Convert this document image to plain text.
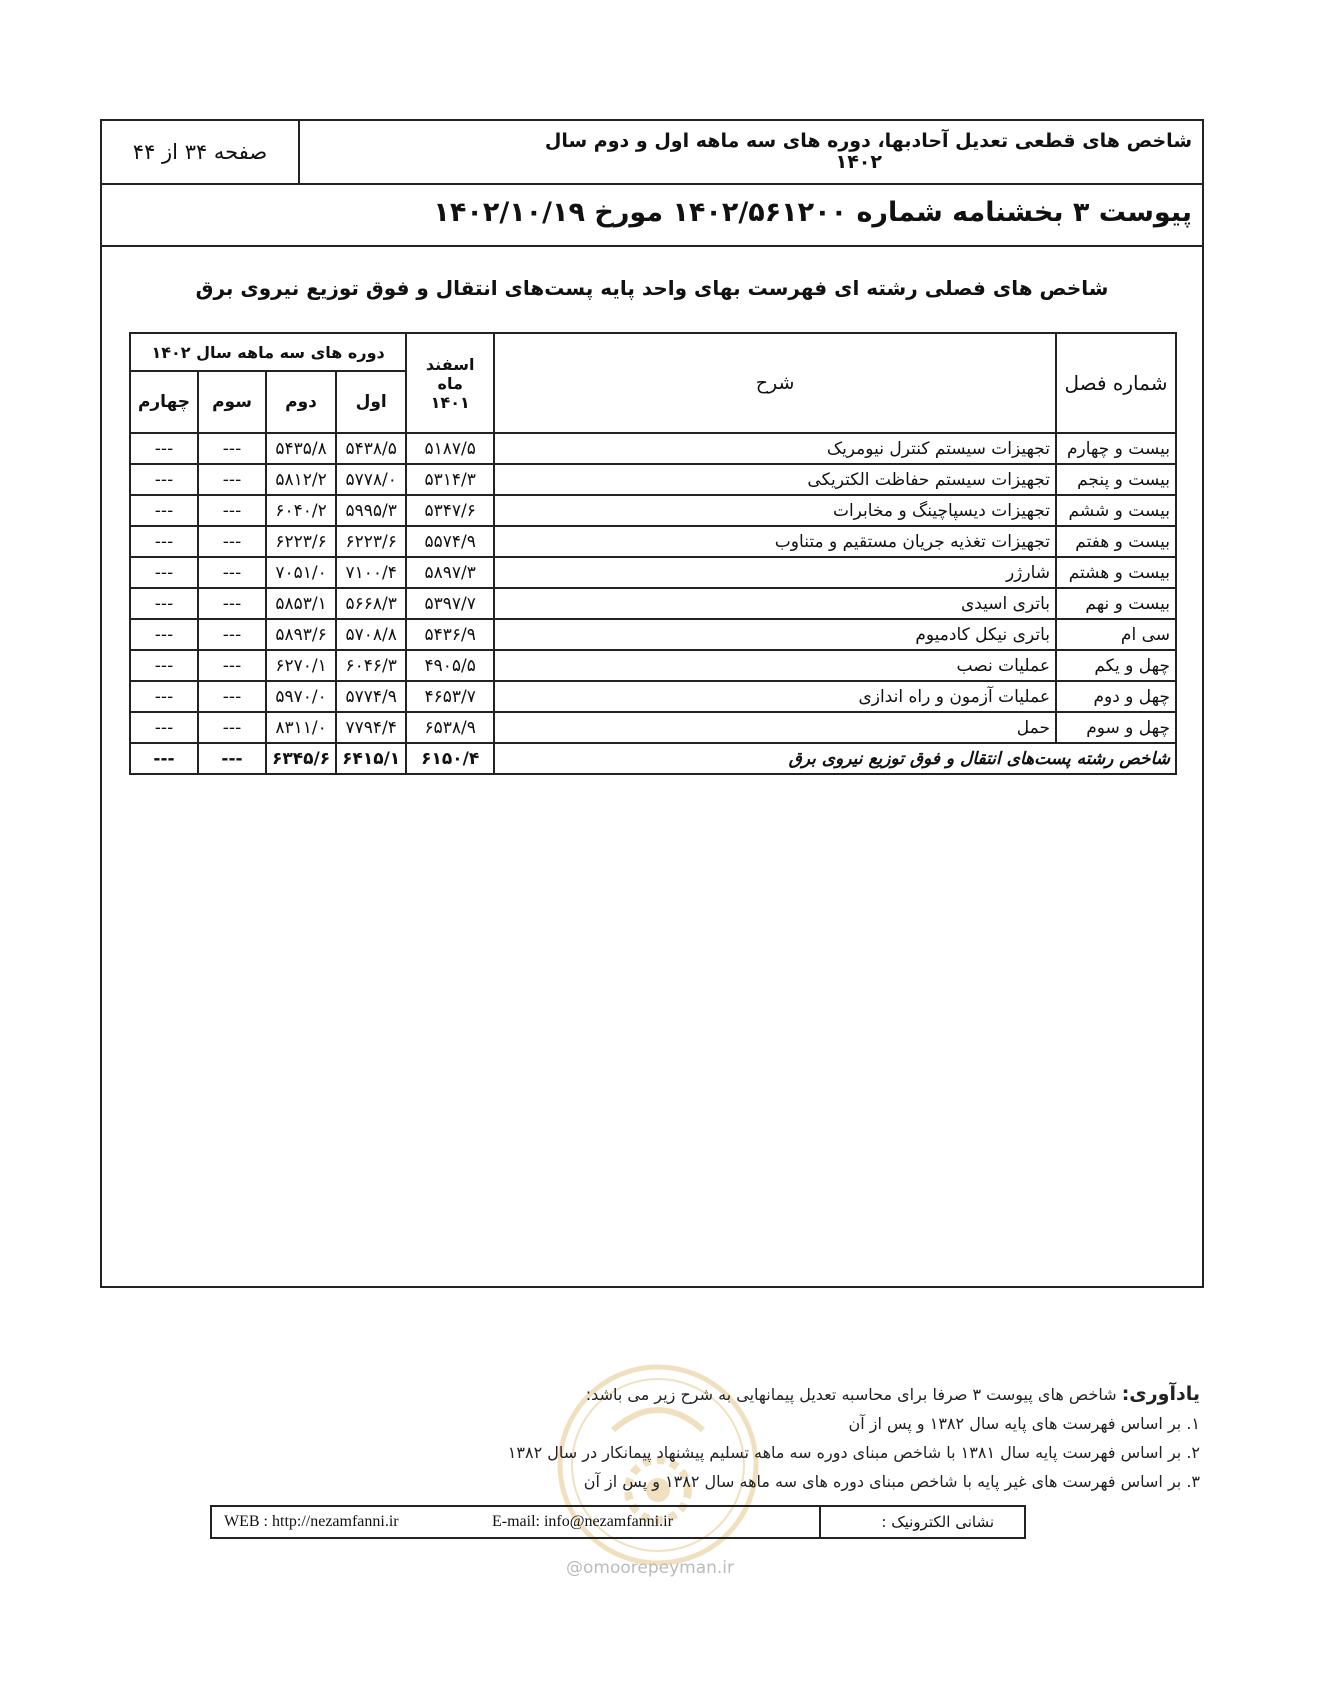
شاخص های قطعی تعدیل آحادبها، دوره های سه ماهه اول و دوم سال
۱۴۰۲
صفحه ۳۴ از ۴۴
پیوست ۳ بخشنامه شماره ۱۴۰۲/۵۶۱۲۰۰ مورخ ۱۴۰۲/۱۰/۱۹
شاخص های فصلی رشته ای فهرست بهای واحد پایه پست‌های انتقال و فوق توزیع نیروی برق
شماره فصل	شرح	اسفند ماه
۱۴۰۱	دوره های سه ماهه سال ۱۴۰۲			
			اول	دوم	سوم	چهارم
بیست و چهارم	تجهیزات سیستم کنترل نیومریک	۵۱۸۷/۵	۵۴۳۸/۵	۵۴۳۵/۸	---	---
بیست و پنجم	تجهیزات سیستم حفاظت الکتریکی	۵۳۱۴/۳	۵۷۷۸/۰	۵۸۱۲/۲	---	---
بیست و ششم	تجهیزات دیسپاچینگ و مخابرات	۵۳۴۷/۶	۵۹۹۵/۳	۶۰۴۰/۲	---	---
بیست و هفتم	تجهیزات تغذیه جریان مستقیم و متناوب	۵۵۷۴/۹	۶۲۲۳/۶	۶۲۲۳/۶	---	---
بیست و هشتم	شارژر	۵۸۹۷/۳	۷۱۰۰/۴	۷۰۵۱/۰	---	---
بیست و نهم	باتری اسیدی	۵۳۹۷/۷	۵۶۶۸/۳	۵۸۵۳/۱	---	---
سی ام	باتری نیکل کادمیوم	۵۴۳۶/۹	۵۷۰۸/۸	۵۸۹۳/۶	---	---
چهل و یکم	عملیات نصب	۴۹۰۵/۵	۶۰۴۶/۳	۶۲۷۰/۱	---	---
چهل و دوم	عملیات آزمون و راه اندازی	۴۶۵۳/۷	۵۷۷۴/۹	۵۹۷۰/۰	---	---
چهل و سوم	حمل	۶۵۳۸/۹	۷۷۹۴/۴	۸۳۱۱/۰	---	---
شاخص رشته پست‌های انتقال و فوق توزیع نیروی برق		۶۱۵۰/۴	۶۴۱۵/۱	۶۳۴۵/۶	---	---
یادآوری: شاخص های پیوست ۳ صرفا برای محاسبه تعدیل پیمانهایی به شرح زیر می باشد:
۱. بر اساس فهرست های پایه سال ۱۳۸۲ و پس از آن
۲. بر اساس فهرست پایه سال ۱۳۸۱ با شاخص مبنای دوره سه ماهه تسلیم پیشنهاد پیمانکار در سال ۱۳۸۲
۳. بر اساس فهرست های غیر پایه با شاخص مبنای دوره های سه ماهه سال ۱۳۸۲ و پس از آن
نشانی الکترونیک :
WEB : http://nezamfanni.ir	E-mail: info@nezamfanni.ir
@omoorepeyman.ir
